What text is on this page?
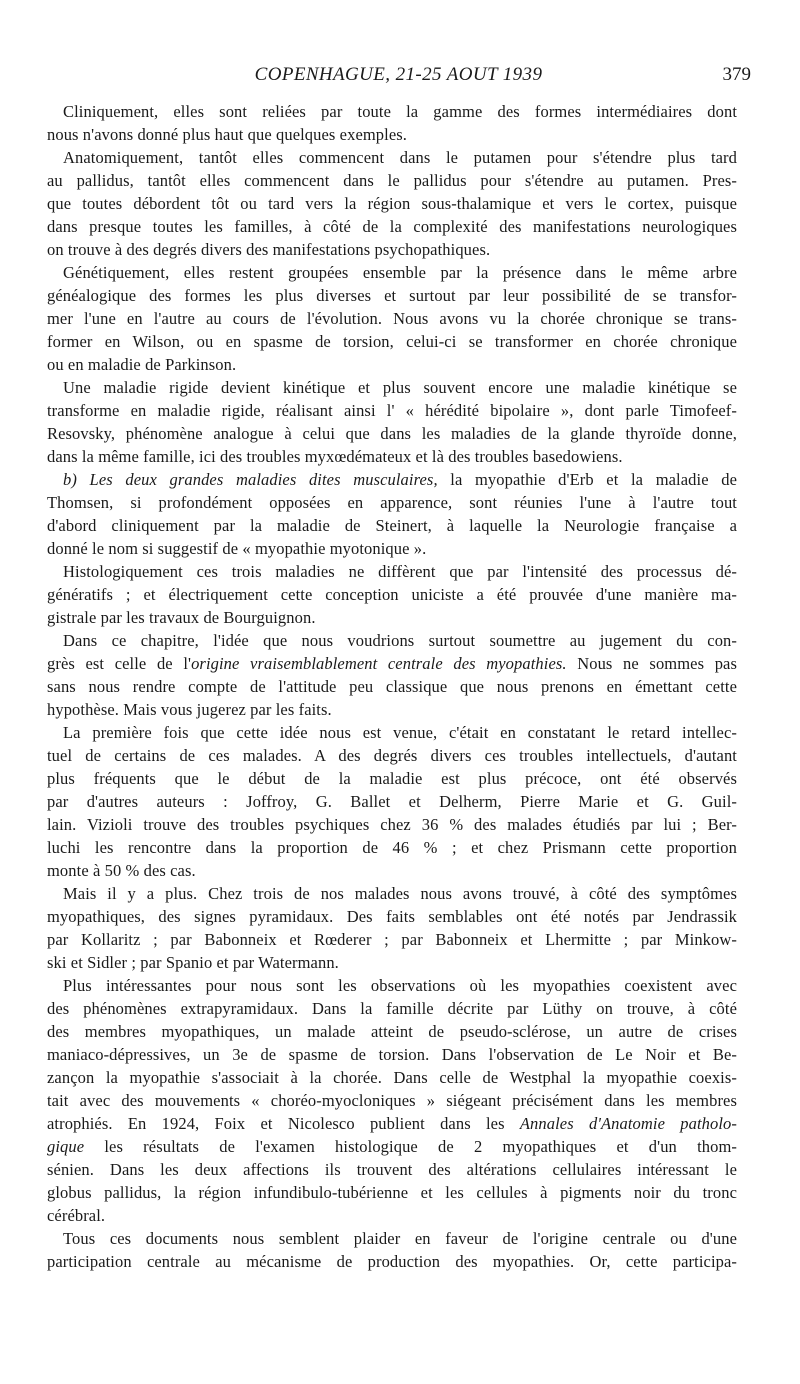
COPENHAGUE, 21-25 AOUT 1939	379
Cliniquement, elles sont reliées par toute la gamme des formes intermédiaires dont
nous n'avons donné plus haut que quelques exemples.
Anatomiquement, tantôt elles commencent dans le putamen pour s'étendre plus tard
au pallidus, tantôt elles commencent dans le pallidus pour s'étendre au putamen. Pres-
que toutes débordent tôt ou tard vers la région sous-thalamique et vers le cortex, puisque
dans presque toutes les familles, à côté de la complexité des manifestations neurologiques
on trouve à des degrés divers des manifestations psychopathiques.
Génétiquement, elles restent groupées ensemble par la présence dans le même arbre
généalogique des formes les plus diverses et surtout par leur possibilité de se transfor-
mer l'une en l'autre au cours de l'évolution. Nous avons vu la chorée chronique se trans-
former en Wilson, ou en spasme de torsion, celui-ci se transformer en chorée chronique
ou en maladie de Parkinson.
Une maladie rigide devient kinétique et plus souvent encore une maladie kinétique se
transforme en maladie rigide, réalisant ainsi l' « hérédité bipolaire », dont parle Timofeef-
Resovsky, phénomène analogue à celui que dans les maladies de la glande thyroïde donne,
dans la même famille, ici des troubles myxœdémateux et là des troubles basedowiens.
b) Les deux grandes maladies dites musculaires, la myopathie d'Erb et la maladie de
Thomsen, si profondément opposées en apparence, sont réunies l'une à l'autre tout
d'abord cliniquement par la maladie de Steinert, à laquelle la Neurologie française a
donné le nom si suggestif de « myopathie myotonique ».
Histologiquement ces trois maladies ne diffèrent que par l'intensité des processus dé-
génératifs ; et électriquement cette conception uniciste a été prouvée d'une manière ma-
gistrale par les travaux de Bourguignon.
Dans ce chapitre, l'idée que nous voudrions surtout soumettre au jugement du con-
grès est celle de l'origine vraisemblablement centrale des myopathies. Nous ne sommes pas
sans nous rendre compte de l'attitude peu classique que nous prenons en émettant cette
hypothèse. Mais vous jugerez par les faits.
La première fois que cette idée nous est venue, c'était en constatant le retard intellec-
tuel de certains de ces malades. A des degrés divers ces troubles intellectuels, d'autant
plus fréquents que le début de la maladie est plus précoce, ont été observés
par d'autres auteurs : Joffroy, G. Ballet et Delherm, Pierre Marie et G. Guil-
lain. Vizioli trouve des troubles psychiques chez 36 % des malades étudiés par lui ; Ber-
luchi les rencontre dans la proportion de 46 % ; et chez Prismann cette proportion
monte à 50 % des cas.
Mais il y a plus. Chez trois de nos malades nous avons trouvé, à côté des symptômes
myopathiques, des signes pyramidaux. Des faits semblables ont été notés par Jendrassik
par Kollaritz ; par Babonneix et Rœderer ; par Babonneix et Lhermitte ; par Minkow-
ski et Sidler ; par Spanio et par Watermann.
Plus intéressantes pour nous sont les observations où les myopathies coexistent avec
des phénomènes extrapyramidaux. Dans la famille décrite par Lüthy on trouve, à côté
des membres myopathiques, un malade atteint de pseudo-sclérose, un autre de crises
maniaco-dépressives, un 3e de spasme de torsion. Dans l'observation de Le Noir et Be-
zançon la myopathie s'associait à la chorée. Dans celle de Westphal la myopathie coexis-
tait avec des mouvements « choréo-myocloniques » siégeant précisément dans les membres
atrophiés. En 1924, Foix et Nicolesco publient dans les Annales d'Anatomie patholo-
gique les résultats de l'examen histologique de 2 myopathiques et d'un thom-
sénien. Dans les deux affections ils trouvent des altérations cellulaires intéressant le
globus pallidus, la région infundibulo-tubérienne et les cellules à pigments noir du tronc
cérébral.
Tous ces documents nous semblent plaider en faveur de l'origine centrale ou d'une
participation centrale au mécanisme de production des myopathies. Or, cette participa-
